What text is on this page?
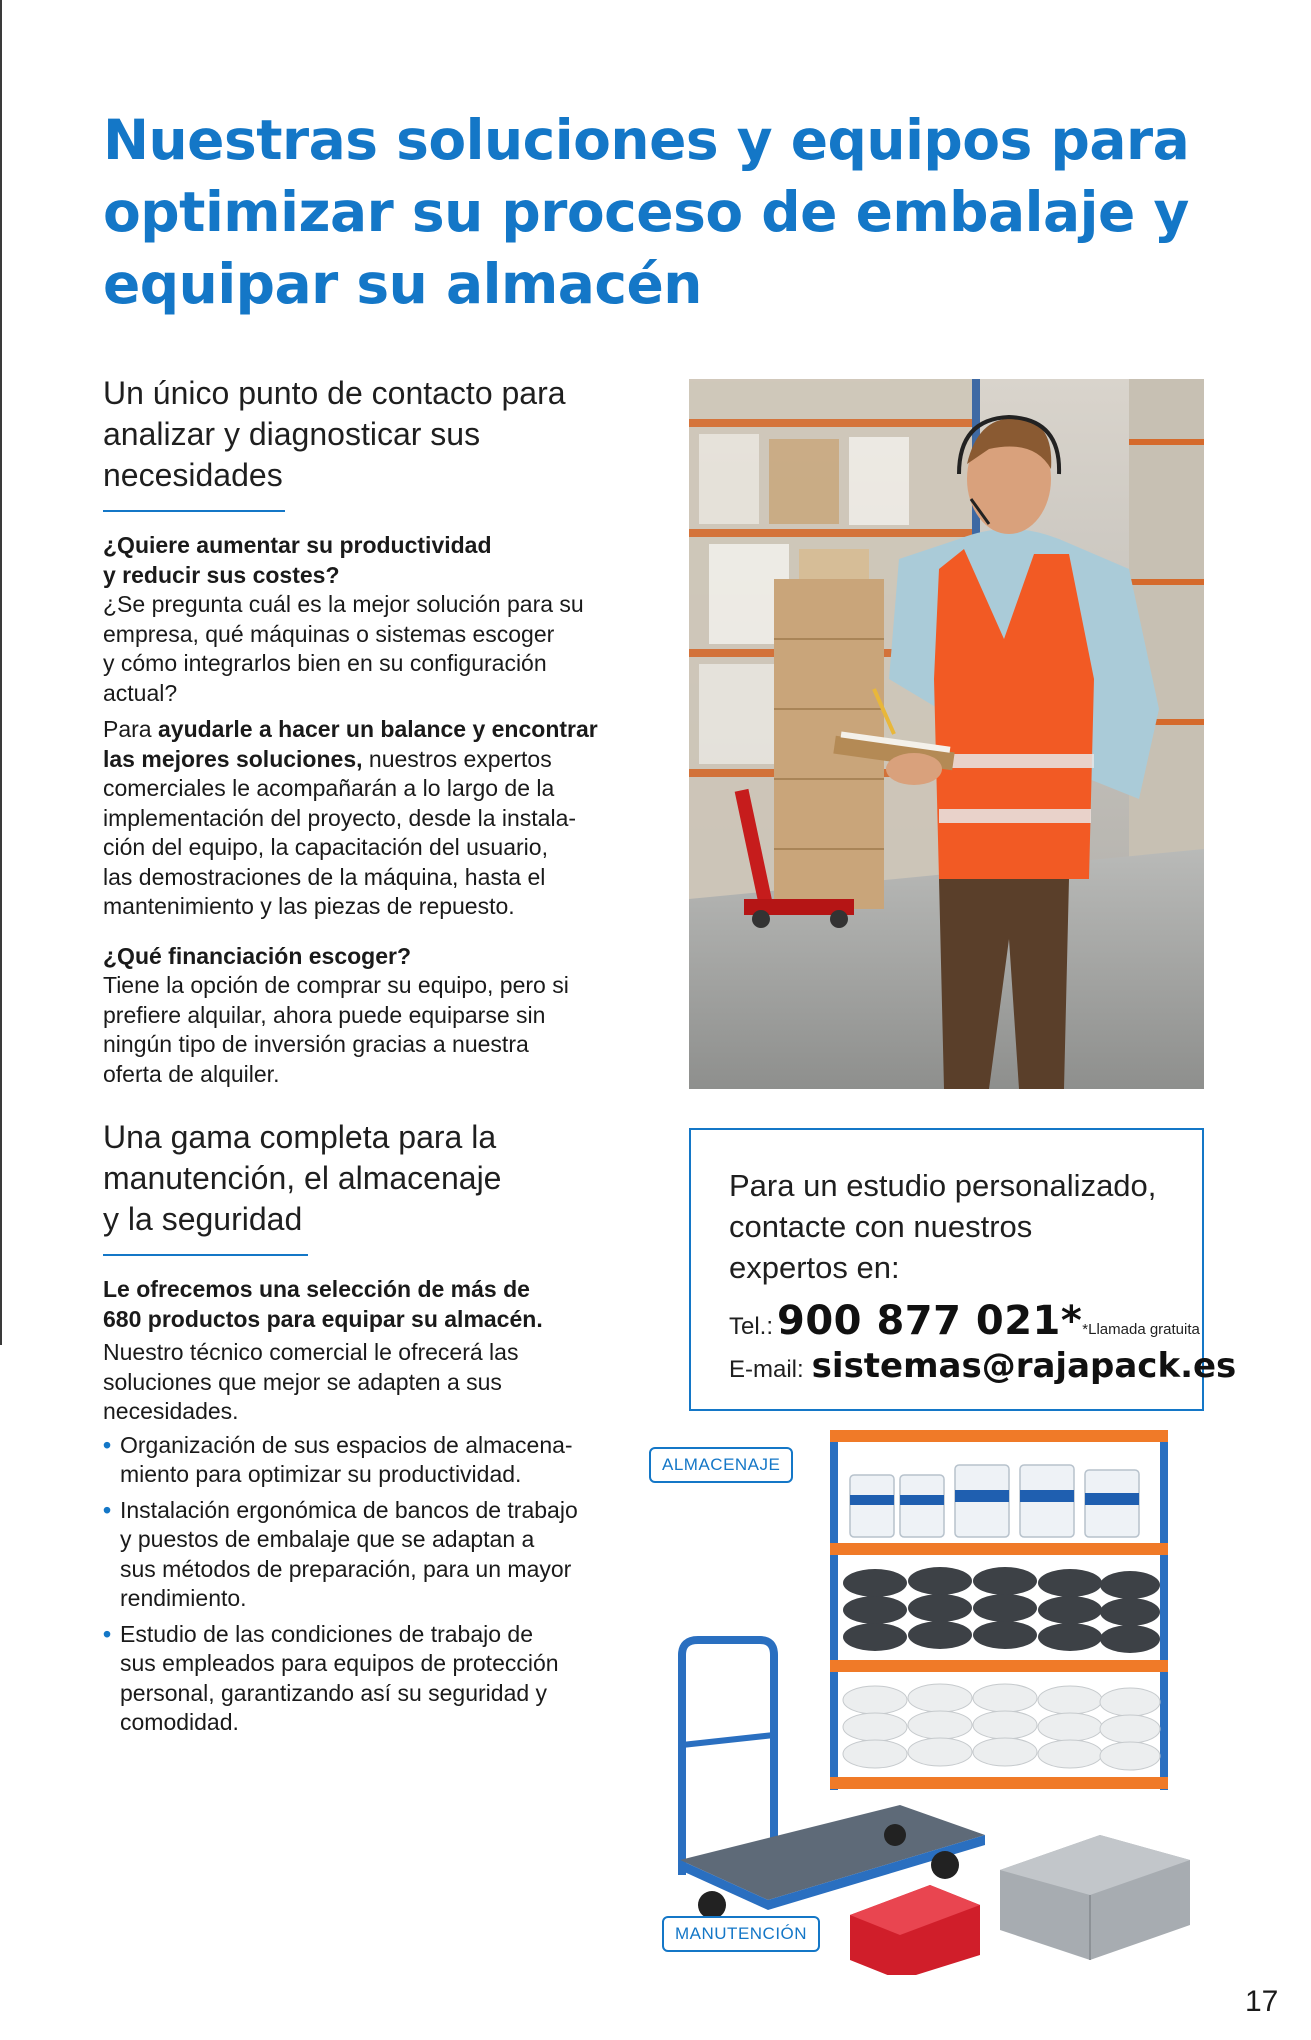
Nuestras soluciones y equipos para
optimizar su proceso de embalaje y
equipar su almacén
Un único punto de contacto para
analizar y diagnosticar sus
necesidades
¿Quiere aumentar su productividad
y reducir sus costes?
¿Se pregunta cuál es la mejor solución para su
empresa, qué máquinas o sistemas escoger
y cómo integrarlos bien en su configuración
actual?
Para ayudarle a hacer un balance y encontrar
las mejores soluciones, nuestros expertos
comerciales le acompañarán a lo largo de la
implementación del proyecto, desde la instala-
ción del equipo, la capacitación del usuario,
las demostraciones de la máquina, hasta el
mantenimiento y las piezas de repuesto.
¿Qué financiación escoger?
Tiene la opción de comprar su equipo, pero si
prefiere alquilar, ahora puede equiparse sin
ningún tipo de inversión gracias a nuestra
oferta de alquiler.
Una gama completa para la
manutención, el almacenaje
y la seguridad
Le ofrecemos una selección de más de
680 productos para equipar su almacén.
Nuestro técnico comercial le ofrecerá las
soluciones que mejor se adapten a sus
necesidades.
• Organización de sus espacios de almacena-
miento para optimizar su productividad.
• Instalación ergonómica de bancos de trabajo
y puestos de embalaje que se adaptan a
sus métodos de preparación, para un mayor
rendimiento.
• Estudio de las condiciones de trabajo de
sus empleados para equipos de protección
personal, garantizando así su seguridad y
comodidad.
Para un estudio personalizado,
contacte con nuestros
expertos en:
Tel.: 900 877 021* *Llamada gratuita
E-mail: sistemas@rajapack.es
ALMACENAJE
MANUTENCIÓN
17
